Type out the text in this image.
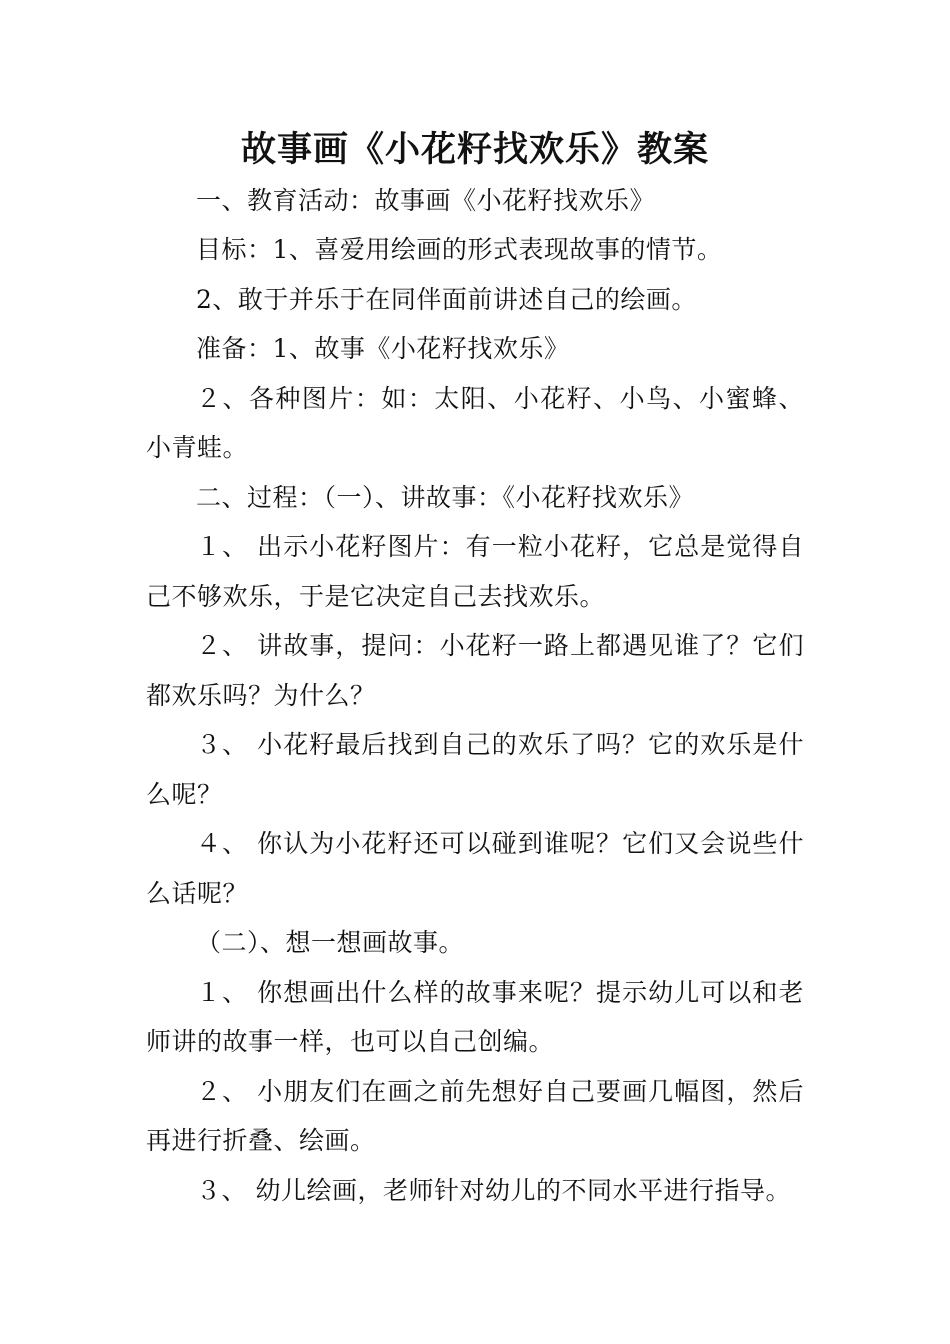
故事画《小花籽找欢乐》教案
一、教育活动：故事画《小花籽找欢乐》
目标：1、喜爱用绘画的形式表现故事的情节。
2、敢于并乐于在同伴面前讲述自己的绘画。
准备：1、故事《小花籽找欢乐》
２、各种图片：如：太阳、小花籽、小鸟、小蜜蜂、
小青蛙。
二、过程：（一）、讲故事：《小花籽找欢乐》
１、 出示小花籽图片：有一粒小花籽，它总是觉得自
己不够欢乐，于是它决定自己去找欢乐。
２、 讲故事，提问：小花籽一路上都遇见谁了？它们
都欢乐吗？为什么？
３、 小花籽最后找到自己的欢乐了吗？它的欢乐是什
么呢？
４、 你认为小花籽还可以碰到谁呢？它们又会说些什
么话呢？
（二）、想一想画故事。
１、 你想画出什么样的故事来呢？提示幼儿可以和老
师讲的故事一样，也可以自己创编。
２、 小朋友们在画之前先想好自己要画几幅图，然后
再进行折叠、绘画。
３、 幼儿绘画，老师针对幼儿的不同水平进行指导。
